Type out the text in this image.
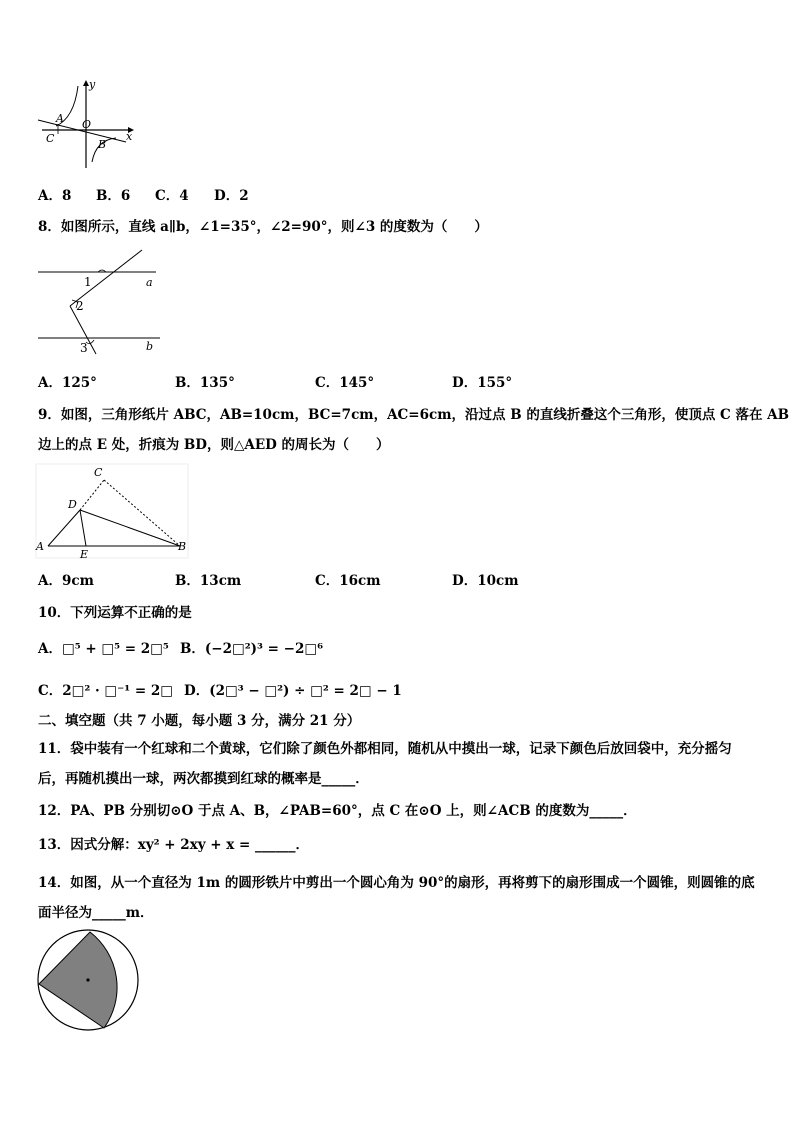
y
x
A O
C	B
A．8 B．6 C．4 D．2
8．如图所示，直线 a∥b，∠1=35°，∠2=90°，则∠3 的度数为（　　）
1
2
3
a
b
A．125°	B．135°	C．145°	D．155°
9．如图，三角形纸片 ABC，AB=10cm，BC=7cm，AC=6cm，沿过点 B 的直线折叠这个三角形，使顶点 C 落在 AB
边上的点 E 处，折痕为 BD，则△AED 的周长为（　　）
C
D
A
E
B
A．9cm	B．13cm	C．16cm	D．10cm
10．下列运算不正确的是
A．□⁵ + □⁵ = 2□⁵ B．(−2□²)³ = −2□⁶
C．2□² · □⁻¹ = 2□ D．(2□³ − □²) ÷ □² = 2□ − 1
二、填空题（共 7 小题，每小题 3 分，满分 21 分）
11．袋中装有一个红球和二个黄球，它们除了颜色外都相同，随机从中摸出一球，记录下颜色后放回袋中，充分摇匀
后，再随机摸出一球，两次都摸到红球的概率是_____．
12．PA、PB 分别切⊙O 于点 A、B，∠PAB=60°，点 C 在⊙O 上，则∠ACB 的度数为_____．
13．因式分解：xy² + 2xy + x = ______．
14．如图，从一个直径为 1m 的圆形铁片中剪出一个圆心角为 90°的扇形，再将剪下的扇形围成一个圆锥，则圆锥的底
面半径为_____m．
